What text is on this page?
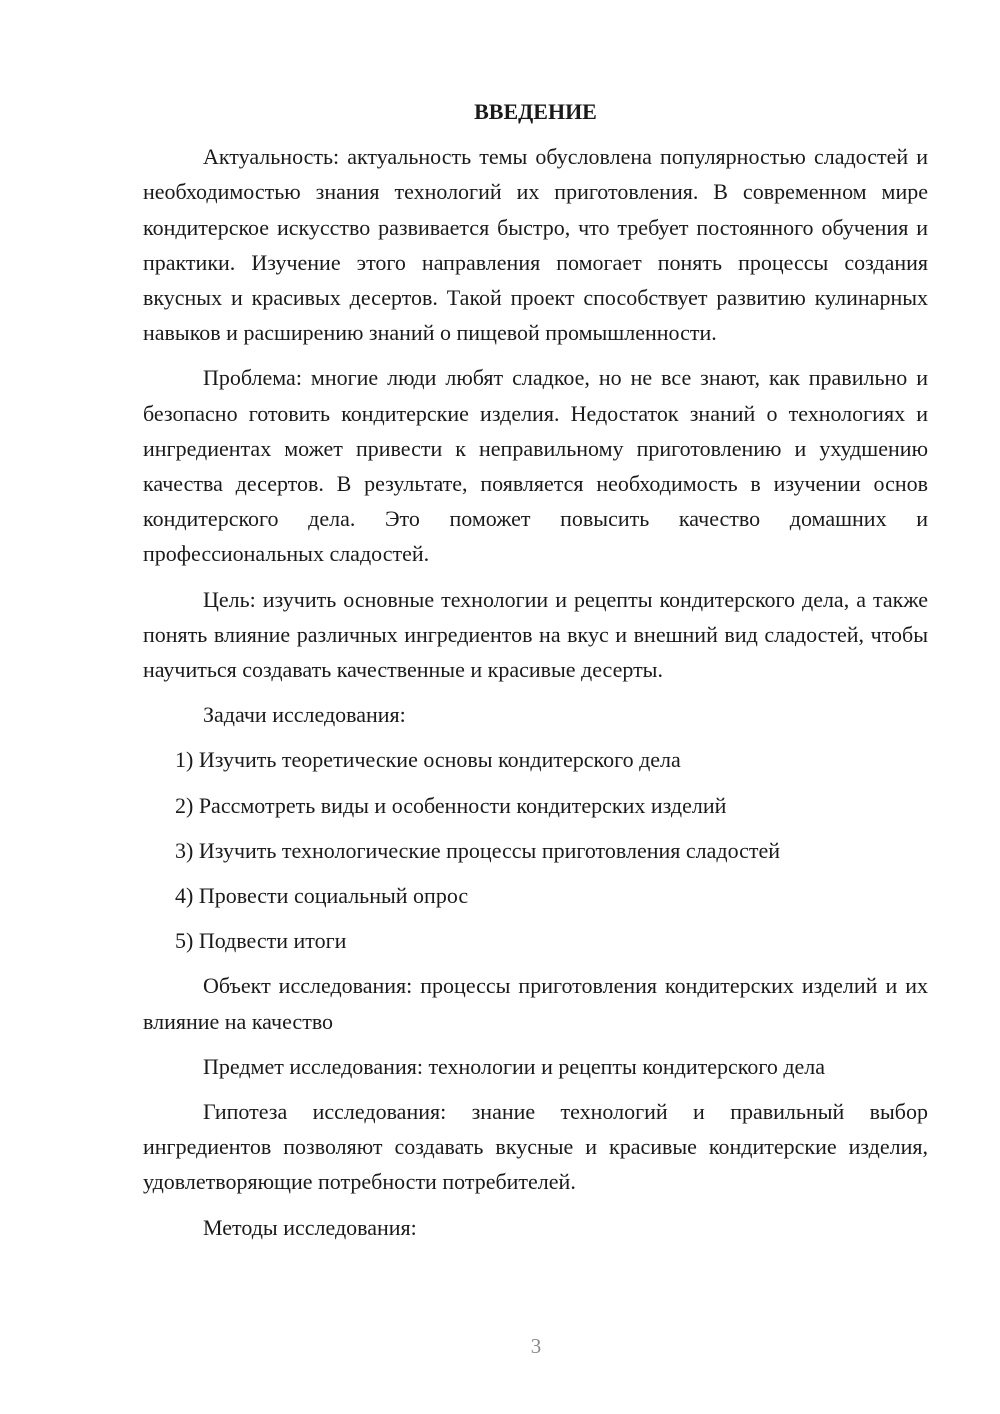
ВВЕДЕНИЕ

Актуальность: актуальность темы обусловлена популярностью сладостей и необходимостью знания технологий их приготовления. В современном мире кондитерское искусство развивается быстро, что требует постоянного обучения и практики. Изучение этого направления помогает понять процессы создания вкусных и красивых десертов. Такой проект способствует развитию кулинарных навыков и расширению знаний о пищевой промышленности.

Проблема: многие люди любят сладкое, но не все знают, как правильно и безопасно готовить кондитерские изделия. Недостаток знаний о технологиях и ингредиентах может привести к неправильному приготовлению и ухудшению качества десертов. В результате, появляется необходимость в изучении основ кондитерского дела. Это поможет повысить качество домашних и профессиональных сладостей.

Цель: изучить основные технологии и рецепты кондитерского дела, а также понять влияние различных ингредиентов на вкус и внешний вид сладостей, чтобы научиться создавать качественные и красивые десерты.

Задачи исследования:

1) Изучить теоретические основы кондитерского дела
2) Рассмотреть виды и особенности кондитерских изделий
3) Изучить технологические процессы приготовления сладостей
4) Провести социальный опрос
5) Подвести итоги

Объект исследования: процессы приготовления кондитерских изделий и их влияние на качество

Предмет исследования: технологии и рецепты кондитерского дела

Гипотеза исследования: знание технологий и правильный выбор ингредиентов позволяют создавать вкусные и красивые кондитерские изделия, удовлетворяющие потребности потребителей.

Методы исследования:

3
